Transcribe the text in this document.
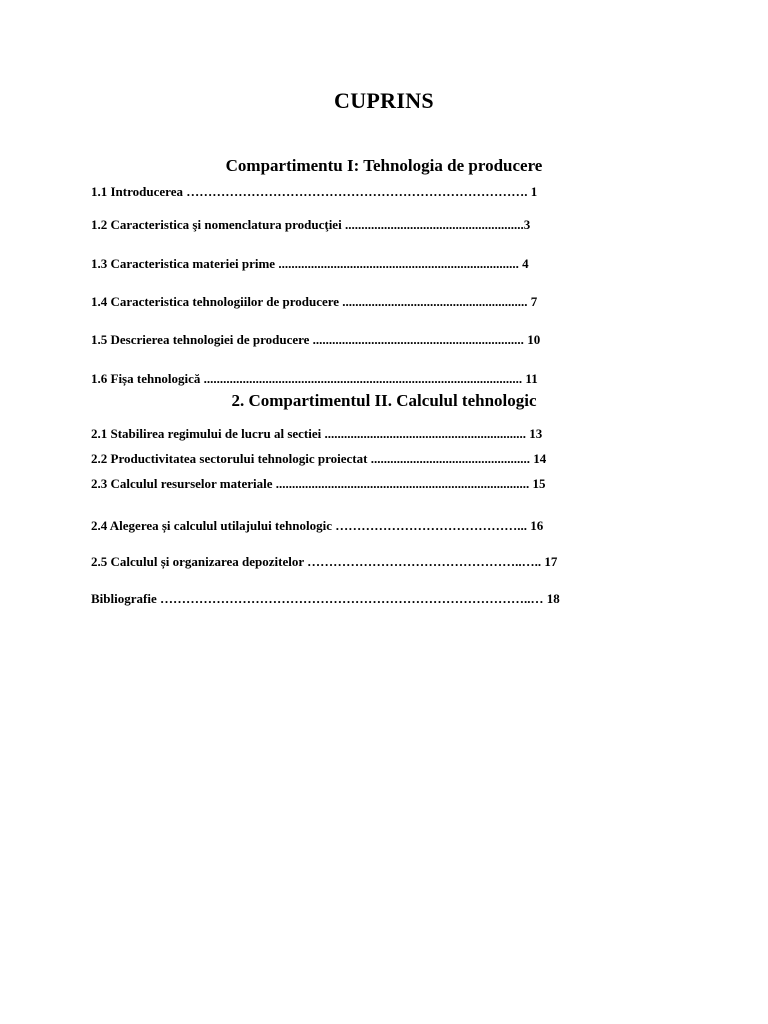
CUPRINS
Compartimentu I: Tehnologia de producere
1.1 Introducerea ……………………………………………………………………. 1
1.2 Caracteristica şi nomenclatura producţiei .......................................................3
1.3 Caracteristica materiei prime .......................................................................... 4
1.4 Caracteristica tehnologiilor de producere ......................................................... 7
1.5 Descrierea tehnologiei de producere ................................................................. 10
1.6 Fișa tehnologică .................................................................................................. 11
2. Compartimentul II. Calculul tehnologic
2.1 Stabilirea regimului de lucru al sectiei .............................................................. 13
2.2 Productivitatea sectorului tehnologic proiectat ................................................. 14
2.3 Calculul resurselor materiale .............................................................................. 15
2.4 Alegerea și calculul utilajului tehnologic ……………………………………... 16
2.5 Calculul și organizarea depozitelor …………………………………………..….. 17
Bibliografie …………………………………………………………………………..… 18
